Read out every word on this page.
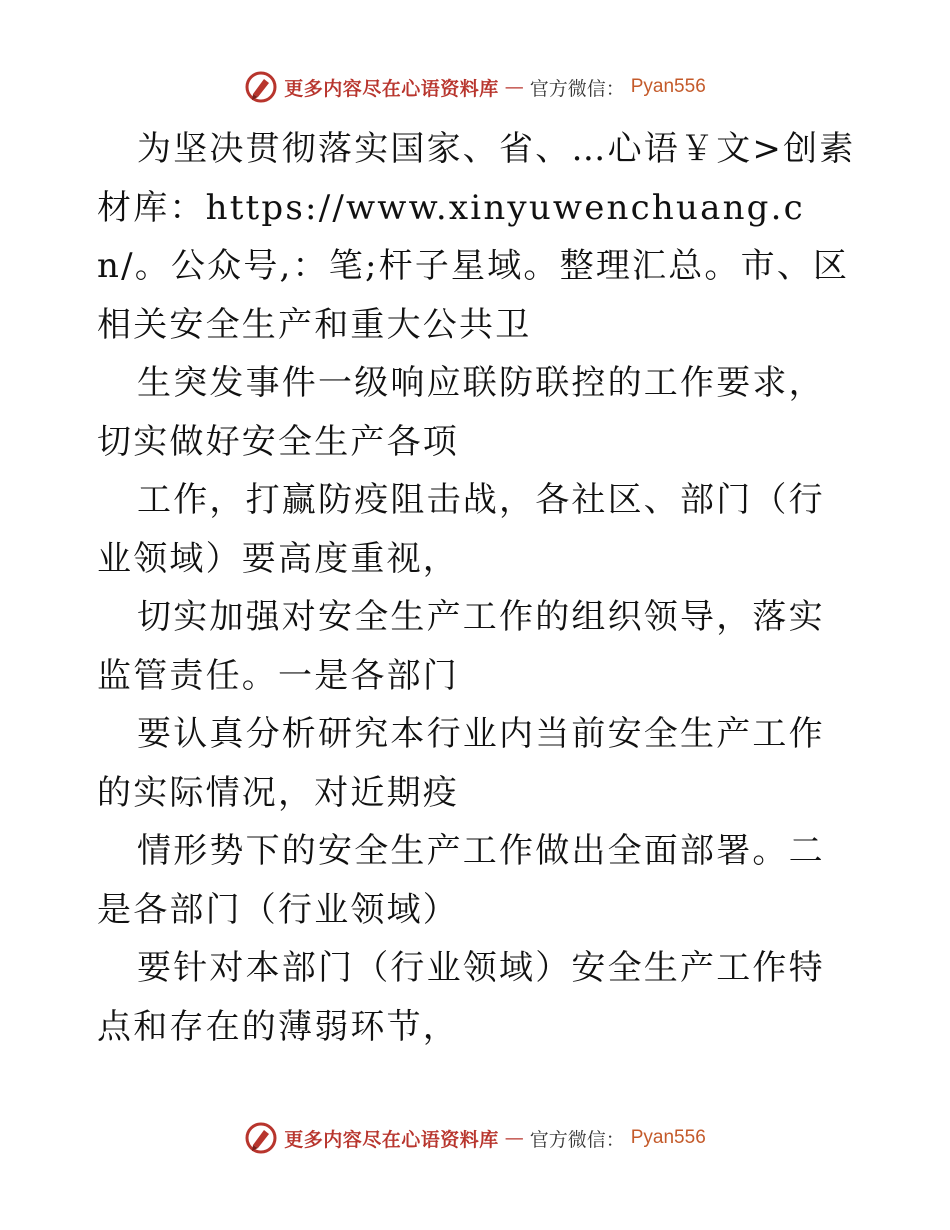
更多内容尽在心语资料库 — 官方微信： Pyan556

为坚决贯彻落实国家、省、…心语￥文>创素材库：https://www.xinyuwenchuang.cn/。公众号,：笔;杆子星域。整理汇总。市、区相关安全生产和重大公共卫

生突发事件一级响应联防联控的工作要求，切实做好安全生产各项

工作，打赢防疫阻击战，各社区、部门（行业领域）要高度重视，

切实加强对安全生产工作的组织领导，落实监管责任。一是各部门

要认真分析研究本行业内当前安全生产工作的实际情况，对近期疫

情形势下的安全生产工作做出全面部署。二是各部门（行业领域）

要针对本部门（行业领域）安全生产工作特点和存在的薄弱环节，

更多内容尽在心语资料库 — 官方微信： Pyan556
